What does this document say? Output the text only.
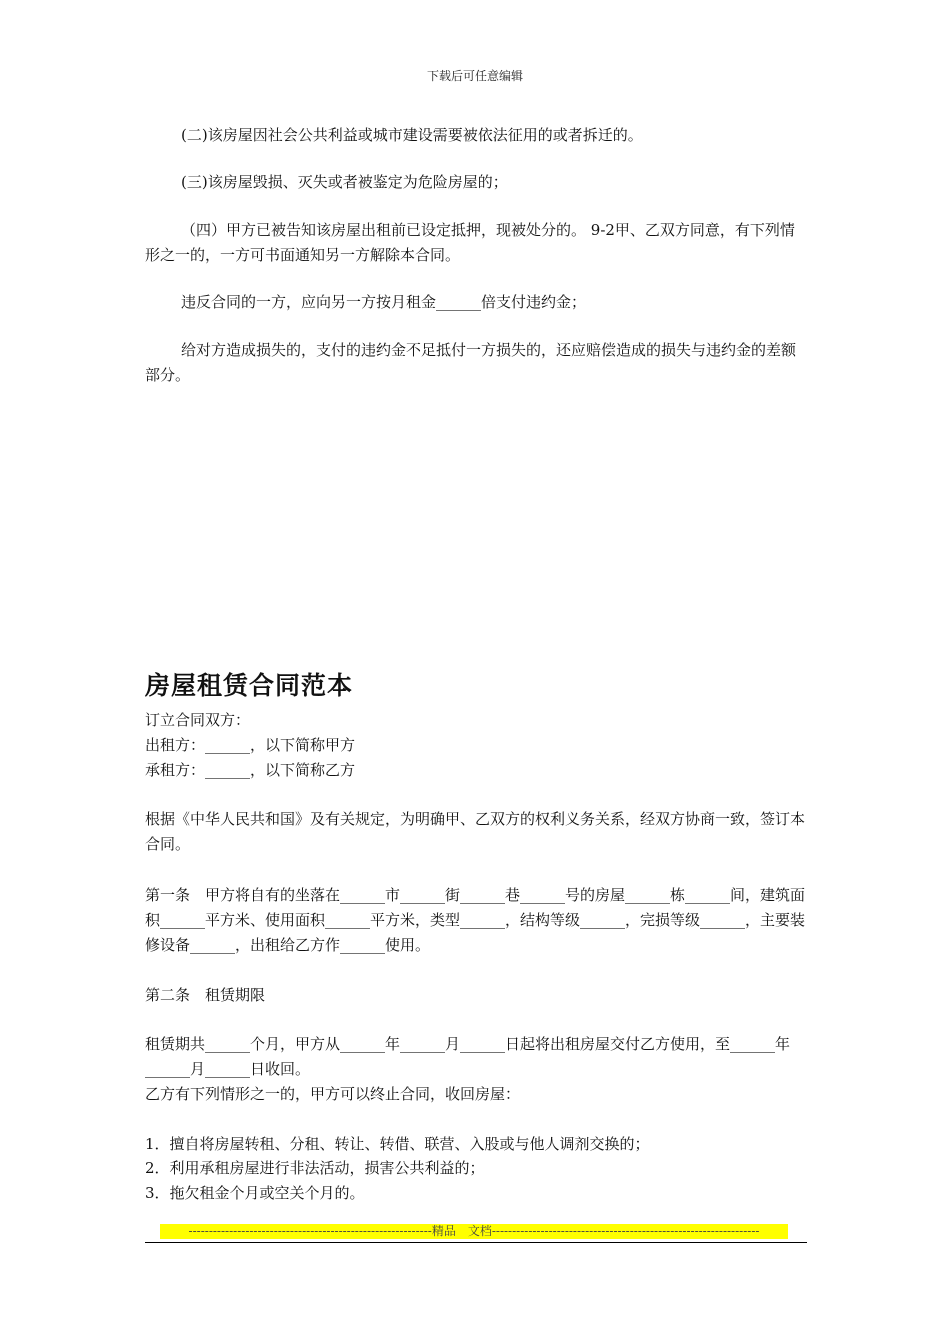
下载后可任意编辑

(二)该房屋因社会公共利益或城市建设需要被依法征用的或者拆迁的。

(三)该房屋毁损、灭失或者被鉴定为危险房屋的；

（四）甲方已被告知该房屋出租前已设定抵押，现被处分的。 9-2甲、乙双方同意，有下列情形之一的，一方可书面通知另一方解除本合同。

违反合同的一方，应向另一方按月租金______倍支付违约金；

给对方造成损失的，支付的违约金不足抵付一方损失的，还应赔偿造成的损失与违约金的差额部分。

房屋租赁合同范本

订立合同双方：

出租方：______，以下简称甲方

承租方：______，以下简称乙方

根据《中华人民共和国》及有关规定，为明确甲、乙双方的权利义务关系，经双方协商一致，签订本合同。

第一条　甲方将自有的坐落在______市______街______巷______号的房屋______栋______间，建筑面积______平方米、使用面积______平方米，类型______，结构等级______，完损等级______，主要装修设备______，出租给乙方作______使用。

第二条　租赁期限

租赁期共______个月，甲方从______年______月______日起将出租房屋交付乙方使用，至______年______月______日收回。

乙方有下列情形之一的，甲方可以终止合同，收回房屋：

1．擅自将房屋转租、分租、转让、转借、联营、入股或与他人调剂交换的；

2．利用承租房屋进行非法活动，损害公共利益的；

3．拖欠租金个月或空关个月的。

------------------------------------------------------------精品　文档------------------------------------------------------------------
